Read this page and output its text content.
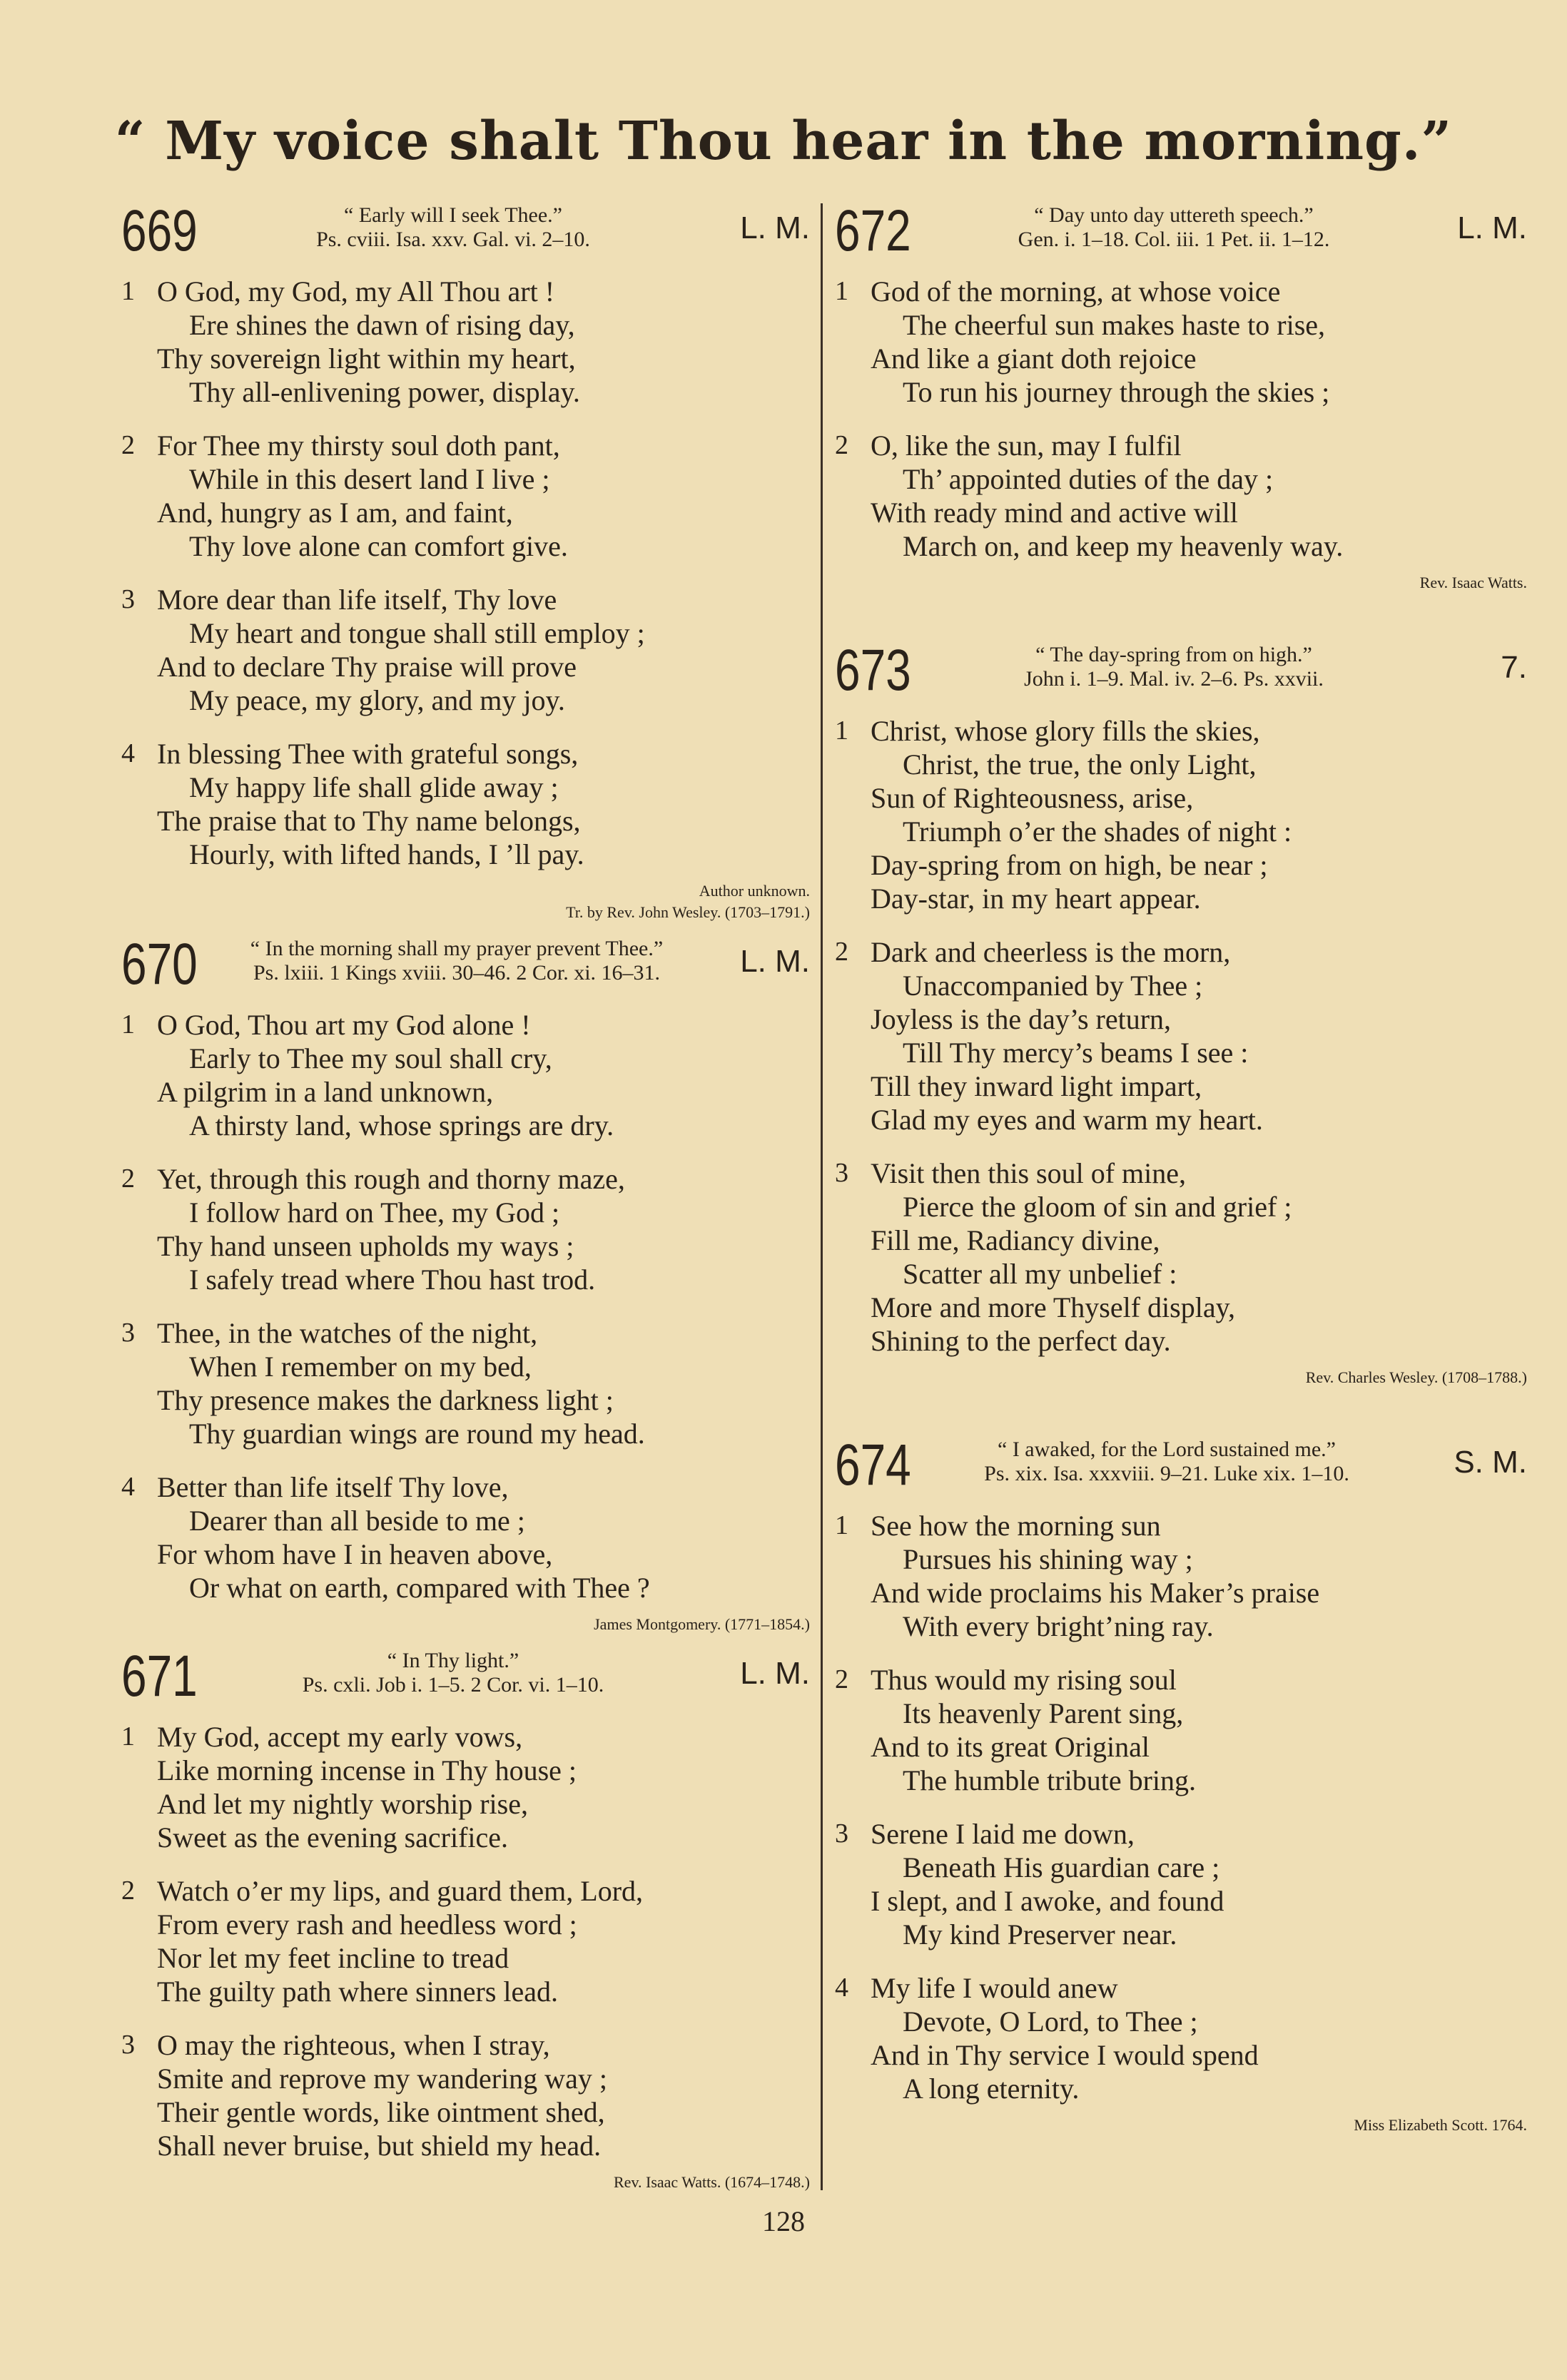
“ My voice shalt Thou hear in the morning.”
669	“ Early will I seek Thee.”
Ps. cviii. Isa. xxv. Gal. vi. 2–10.	L. M.
1 O God, my God, my All Thou art !
Ere shines the dawn of rising day,
Thy sovereign light within my heart,
Thy all-enlivening power, display.
2 For Thee my thirsty soul doth pant,
While in this desert land I live ;
And, hungry as I am, and faint,
Thy love alone can comfort give.
3 More dear than life itself, Thy love
My heart and tongue shall still employ ;
And to declare Thy praise will prove
My peace, my glory, and my joy.
4 In blessing Thee with grateful songs,
My happy life shall glide away ;
The praise that to Thy name belongs,
Hourly, with lifted hands, I ’ll pay.
Author unknown.
Tr. by Rev. John Wesley. (1703–1791.)
670	“ In the morning shall my prayer prevent Thee.”
Ps. lxiii. 1 Kings xviii. 30–46. 2 Cor. xi. 16–31.	L. M.
1 O God, Thou art my God alone !
Early to Thee my soul shall cry,
A pilgrim in a land unknown,
A thirsty land, whose springs are dry.
2 Yet, through this rough and thorny maze,
I follow hard on Thee, my God ;
Thy hand unseen upholds my ways ;
I safely tread where Thou hast trod.
3 Thee, in the watches of the night,
When I remember on my bed,
Thy presence makes the darkness light ;
Thy guardian wings are round my head.
4 Better than life itself Thy love,
Dearer than all beside to me ;
For whom have I in heaven above,
Or what on earth, compared with Thee ?
James Montgomery. (1771–1854.)
671	“ In Thy light.”
Ps. cxli. Job i. 1–5. 2 Cor. vi. 1–10.	L. M.
1 My God, accept my early vows,
Like morning incense in Thy house ;
And let my nightly worship rise,
Sweet as the evening sacrifice.
2 Watch o’er my lips, and guard them, Lord,
From every rash and heedless word ;
Nor let my feet incline to tread
The guilty path where sinners lead.
3 O may the righteous, when I stray,
Smite and reprove my wandering way ;
Their gentle words, like ointment shed,
Shall never bruise, but shield my head.
Rev. Isaac Watts. (1674–1748.)
672	“ Day unto day uttereth speech.”
Gen. i. 1–18. Col. iii. 1 Pet. ii. 1–12.	L. M.
1 God of the morning, at whose voice
The cheerful sun makes haste to rise,
And like a giant doth rejoice
To run his journey through the skies ;
2 O, like the sun, may I fulfil
Th’ appointed duties of the day ;
With ready mind and active will
March on, and keep my heavenly way.
Rev. Isaac Watts.
673	“ The day-spring from on high.”
John i. 1–9. Mal. iv. 2–6. Ps. xxvii.	7.
1 Christ, whose glory fills the skies,
Christ, the true, the only Light,
Sun of Righteousness, arise,
Triumph o’er the shades of night :
Day-spring from on high, be near ;
Day-star, in my heart appear.
2 Dark and cheerless is the morn,
Unaccompanied by Thee ;
Joyless is the day’s return,
Till Thy mercy’s beams I see :
Till they inward light impart,
Glad my eyes and warm my heart.
3 Visit then this soul of mine,
Pierce the gloom of sin and grief ;
Fill me, Radiancy divine,
Scatter all my unbelief :
More and more Thyself display,
Shining to the perfect day.
Rev. Charles Wesley. (1708–1788.)
674	“ I awaked, for the Lord sustained me.”
Ps. xix. Isa. xxxviii. 9–21. Luke xix. 1–10.	S. M.
1 See how the morning sun
Pursues his shining way ;
And wide proclaims his Maker’s praise
With every bright’ning ray.
2 Thus would my rising soul
Its heavenly Parent sing,
And to its great Original
The humble tribute bring.
3 Serene I laid me down,
Beneath His guardian care ;
I slept, and I awoke, and found
My kind Preserver near.
4 My life I would anew
Devote, O Lord, to Thee ;
And in Thy service I would spend
A long eternity.
Miss Elizabeth Scott. 1764.
128
